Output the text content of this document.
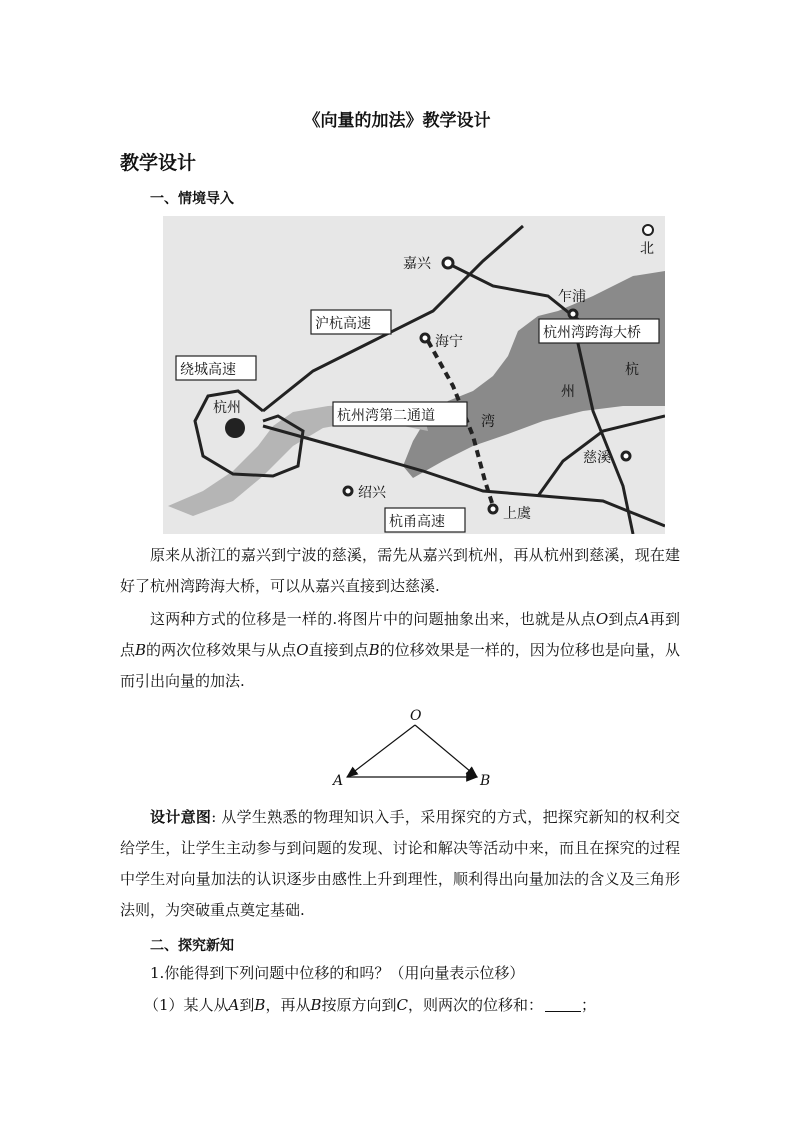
《向量的加法》教学设计
教学设计
一、情境导入
嘉兴
北
乍浦
沪杭高速
海宁
杭州湾跨海大桥
绕城高速
杭州
杭
州
湾
杭州湾第二通道
慈溪
绍兴
上虞
杭甬高速
原来从浙江的嘉兴到宁波的慈溪，需先从嘉兴到杭州，再从杭州到慈溪，现在建好了杭州湾跨海大桥，可以从嘉兴直接到达慈溪.
这两种方式的位移是一样的.将图片中的问题抽象出来，也就是从点O到点A再到点B的两次位移效果与从点O直接到点B的位移效果是一样的，因为位移也是向量，从而引出向量的加法.
O
A	B
设计意图: 从学生熟悉的物理知识入手，采用探究的方式，把探究新知的权利交给学生，让学生主动参与到问题的发现、讨论和解决等活动中来，而且在探究的过程中学生对向量加法的认识逐步由感性上升到理性，顺利得出向量加法的含义及三角形法则，为突破重点奠定基础.
二、探究新知
1.你能得到下列问题中位移的和吗？（用向量表示位移）
（1）某人从A到B，再从B按原方向到C，则两次的位移和：	；
